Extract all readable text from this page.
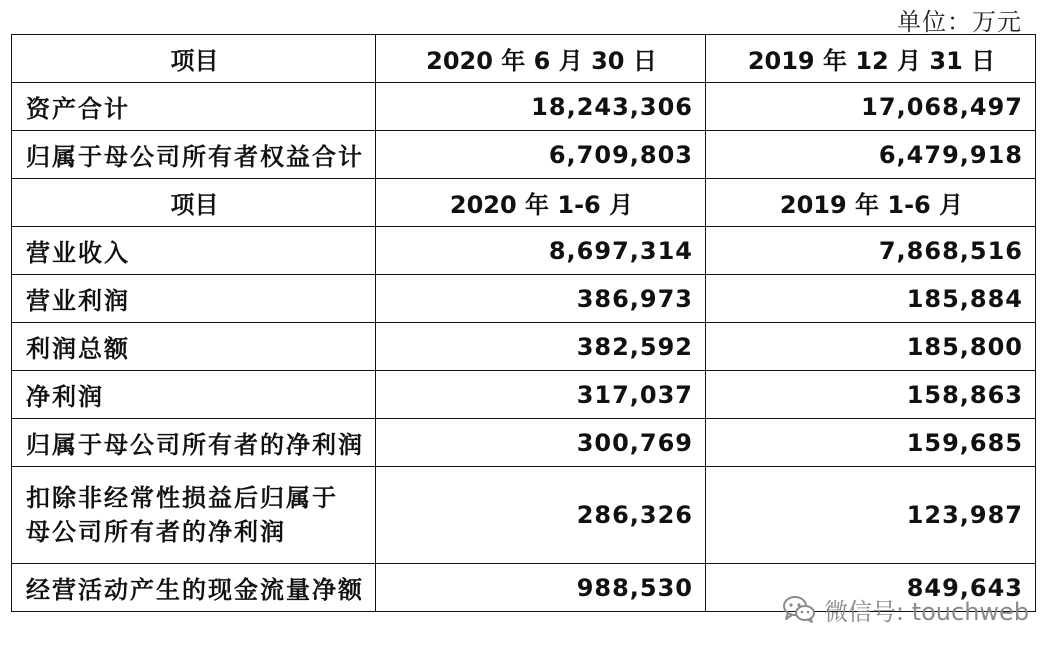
单位：万元
项目	2020 年 6 月 30 日	2019 年 12 月 31 日
资产合计	18,243,306	17,068,497
归属于母公司所有者权益合计	6,709,803	6,479,918
项目	2020 年 1-6 月	2019 年 1-6 月
营业收入	8,697,314	7,868,516
营业利润	386,973	185,884
利润总额	382,592	185,800
净利润	317,037	158,863
归属于母公司所有者的净利润	300,769	159,685
扣除非经常性损益后归属于母公司所有者的净利润	286,326	123,987
经营活动产生的现金流量净额	988,530	849,643
微信号: touchweb
